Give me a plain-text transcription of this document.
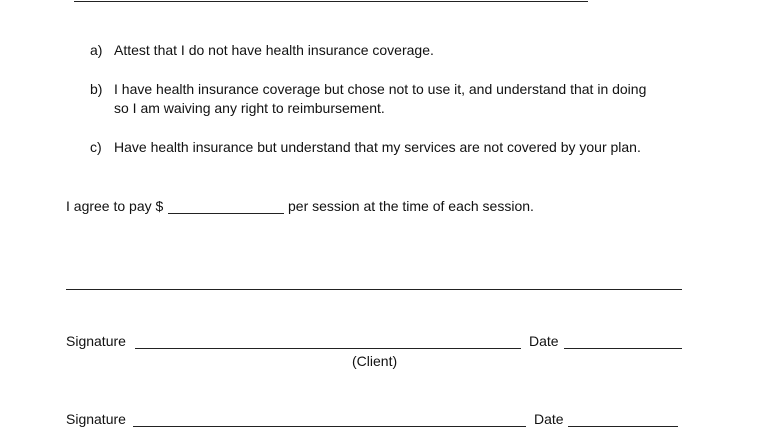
a) Attest that I do not have health insurance coverage.
b) I have health insurance coverage but chose not to use it, and understand that in doing
so I am waiving any right to reimbursement.
c) Have health insurance but understand that my services are not covered by your plan.
I agree to pay $	per session at the time of each session.
Signature	Date
(Client)
Signature	Date
